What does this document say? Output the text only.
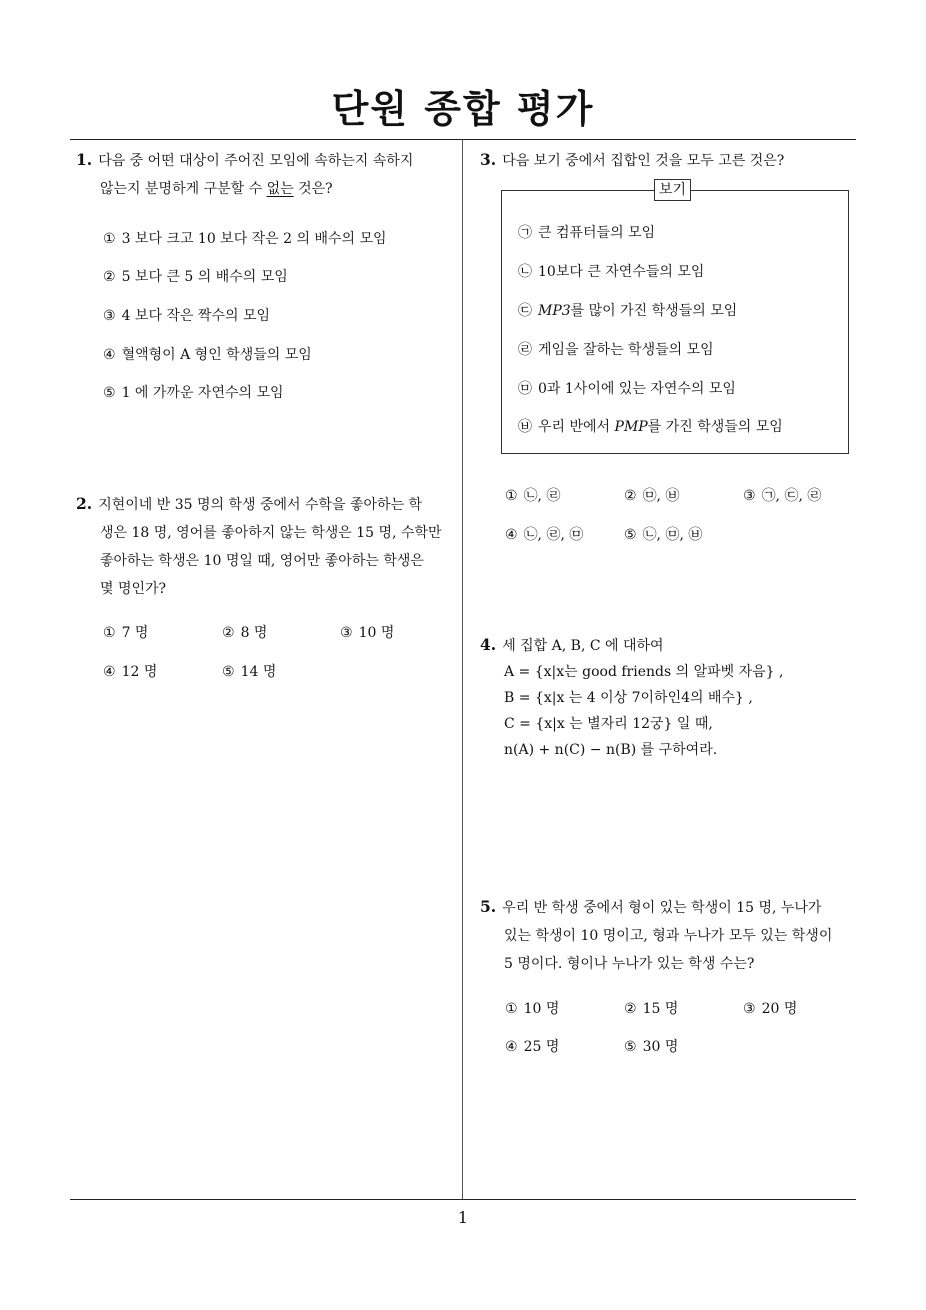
단원 종합 평가
1
1. 다음 중 어떤 대상이 주어진 모임에 속하는지 속하지
않는지 분명하게 구분할 수 없는 것은?
① 3 보다 크고 10 보다 작은 2 의 배수의 모임
② 5 보다 큰 5 의 배수의 모임
③ 4 보다 작은 짝수의 모임
④ 혈액형이 A 형인 학생들의 모임
⑤ 1 에 가까운 자연수의 모임
2. 지현이네 반 35 명의 학생 중에서 수학을 좋아하는 학
생은 18 명, 영어를 좋아하지 않는 학생은 15 명, 수학만
좋아하는 학생은 10 명일 때, 영어만 좋아하는 학생은
몇 명인가?
① 7 명	② 8 명	③ 10 명
④ 12 명	⑤ 14 명
3. 다음 보기 중에서 집합인 것을 모두 고른 것은?
보기
㉠ 큰 컴퓨터들의 모임
㉡ 10보다 큰 자연수들의 모임
㉢ MP3를 많이 가진 학생들의 모임
㉣ 게임을 잘하는 학생들의 모임
㉤ 0과 1사이에 있는 자연수의 모임
㉥ 우리 반에서 PMP를 가진 학생들의 모임
① ㉡, ㉣	② ㉤, ㉥	③ ㉠, ㉢, ㉣
④ ㉡, ㉣, ㉤	⑤ ㉡, ㉤, ㉥
4. 세 집합 A, B, C 에 대하여
A = {x|x는 good friends 의 알파벳 자음} ,
B = {x|x 는 4 이상 7이하인4의 배수} ,
C = {x|x 는 별자리 12궁} 일 때,
n(A) + n(C) − n(B) 를 구하여라.
5. 우리 반 학생 중에서 형이 있는 학생이 15 명, 누나가
있는 학생이 10 명이고, 형과 누나가 모두 있는 학생이
5 명이다. 형이나 누나가 있는 학생 수는?
① 10 명	② 15 명	③ 20 명
④ 25 명	⑤ 30 명
